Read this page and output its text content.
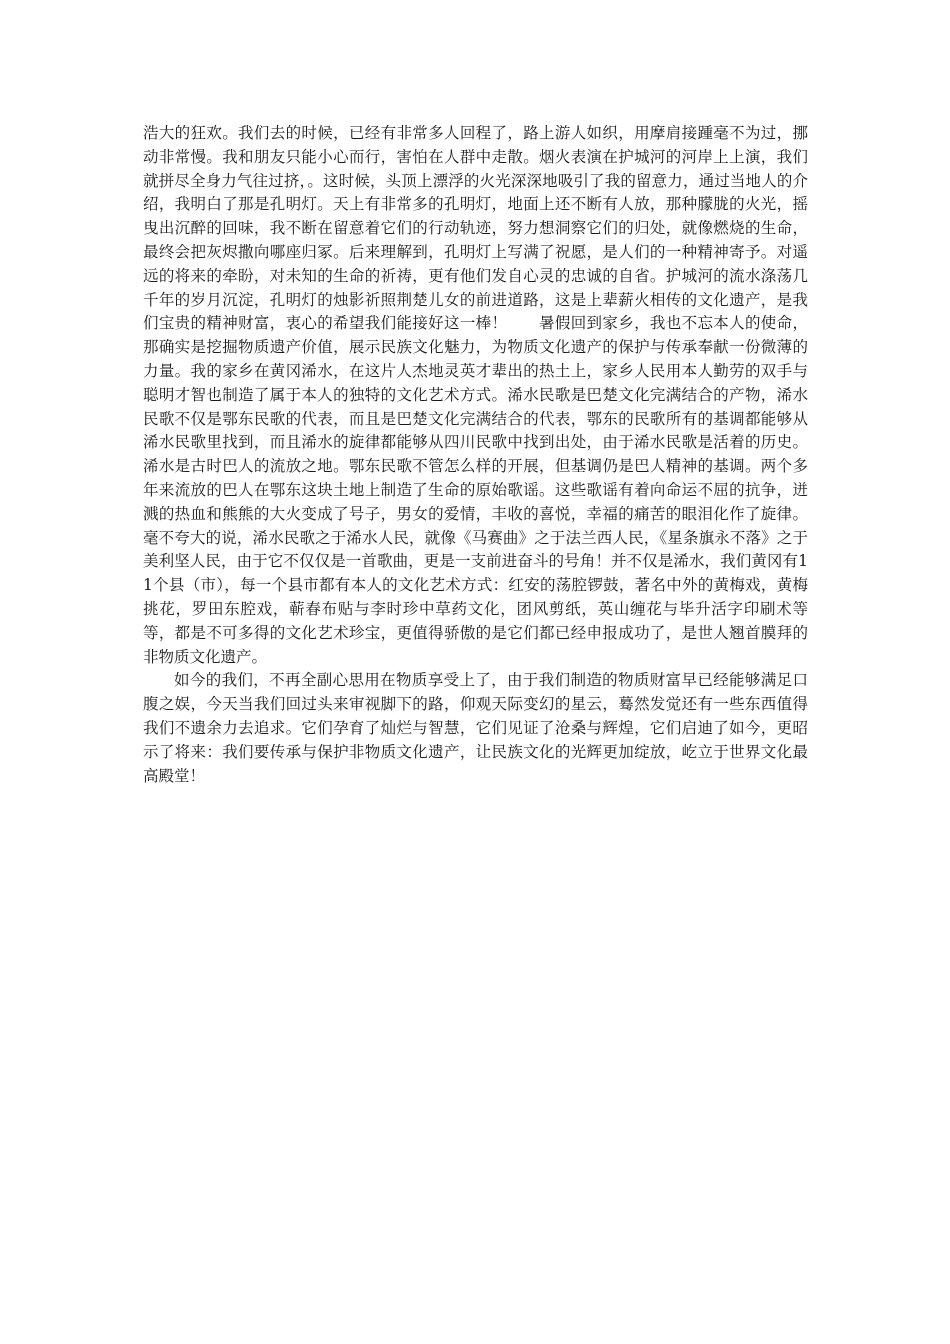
浩大的狂欢。我们去的时候，已经有非常多人回程了，路上游人如织，用摩肩接踵毫不为过，挪动非常慢。我和朋友只能小心而行，害怕在人群中走散。烟火表演在护城河的河岸上上演，我们就拼尽全身力气往过挤，。这时候，头顶上漂浮的火光深深地吸引了我的留意力，通过当地人的介绍，我明白了那是孔明灯。天上有非常多的孔明灯，地面上还不断有人放，那种朦胧的火光，摇曳出沉醉的回味，我不断在留意着它们的行动轨迹，努力想洞察它们的归处，就像燃烧的生命，最终会把灰烬撒向哪座归冢。后来理解到，孔明灯上写满了祝愿，是人们的一种精神寄予。对遥远的将来的牵盼，对未知的生命的祈祷，更有他们发自心灵的忠诚的自省。护城河的流水涤荡几千年的岁月沉淀，孔明灯的烛影祈照荆楚儿女的前进道路，这是上辈薪火相传的文化遗产，是我们宝贵的精神财富，衷心的希望我们能接好这一棒！　　暑假回到家乡，我也不忘本人的使命，那确实是挖掘物质遗产价值，展示民族文化魅力，为物质文化遗产的保护与传承奉献一份微薄的力量。我的家乡在黄冈浠水，在这片人杰地灵英才辈出的热土上，家乡人民用本人勤劳的双手与聪明才智也制造了属于本人的独特的文化艺术方式。浠水民歌是巴楚文化完满结合的产物，浠水民歌不仅是鄂东民歌的代表，而且是巴楚文化完满结合的代表，鄂东的民歌所有的基调都能够从浠水民歌里找到，而且浠水的旋律都能够从四川民歌中找到出处，由于浠水民歌是活着的历史。浠水是古时巴人的流放之地。鄂东民歌不管怎么样的开展，但基调仍是巴人精神的基调。两个多年来流放的巴人在鄂东这块土地上制造了生命的原始歌谣。这些歌谣有着向命运不屈的抗争，迸溅的热血和熊熊的大火变成了号子，男女的爱情，丰收的喜悦，幸福的痛苦的眼泪化作了旋律。毫不夸大的说，浠水民歌之于浠水人民，就像《马赛曲》之于法兰西人民，《星条旗永不落》之于美利坚人民，由于它不仅仅是一首歌曲，更是一支前进奋斗的号角！并不仅是浠水，我们黄冈有11个县（市），每一个县市都有本人的文化艺术方式：红安的荡腔锣鼓，著名中外的黄梅戏，黄梅挑花，罗田东腔戏，蕲春布贴与李时珍中草药文化，团风剪纸，英山缠花与毕升活字印刷术等等，都是不可多得的文化艺术珍宝，更值得骄傲的是它们都已经申报成功了，是世人翘首膜拜的非物质文化遗产。

如今的我们，不再全副心思用在物质享受上了，由于我们制造的物质财富早已经能够满足口腹之娱，今天当我们回过头来审视脚下的路，仰观天际变幻的星云，蓦然发觉还有一些东西值得我们不遗余力去追求。它们孕育了灿烂与智慧，它们见证了沧桑与辉煌，它们启迪了如今，更昭示了将来：我们要传承与保护非物质文化遗产，让民族文化的光辉更加绽放，屹立于世界文化最高殿堂！
